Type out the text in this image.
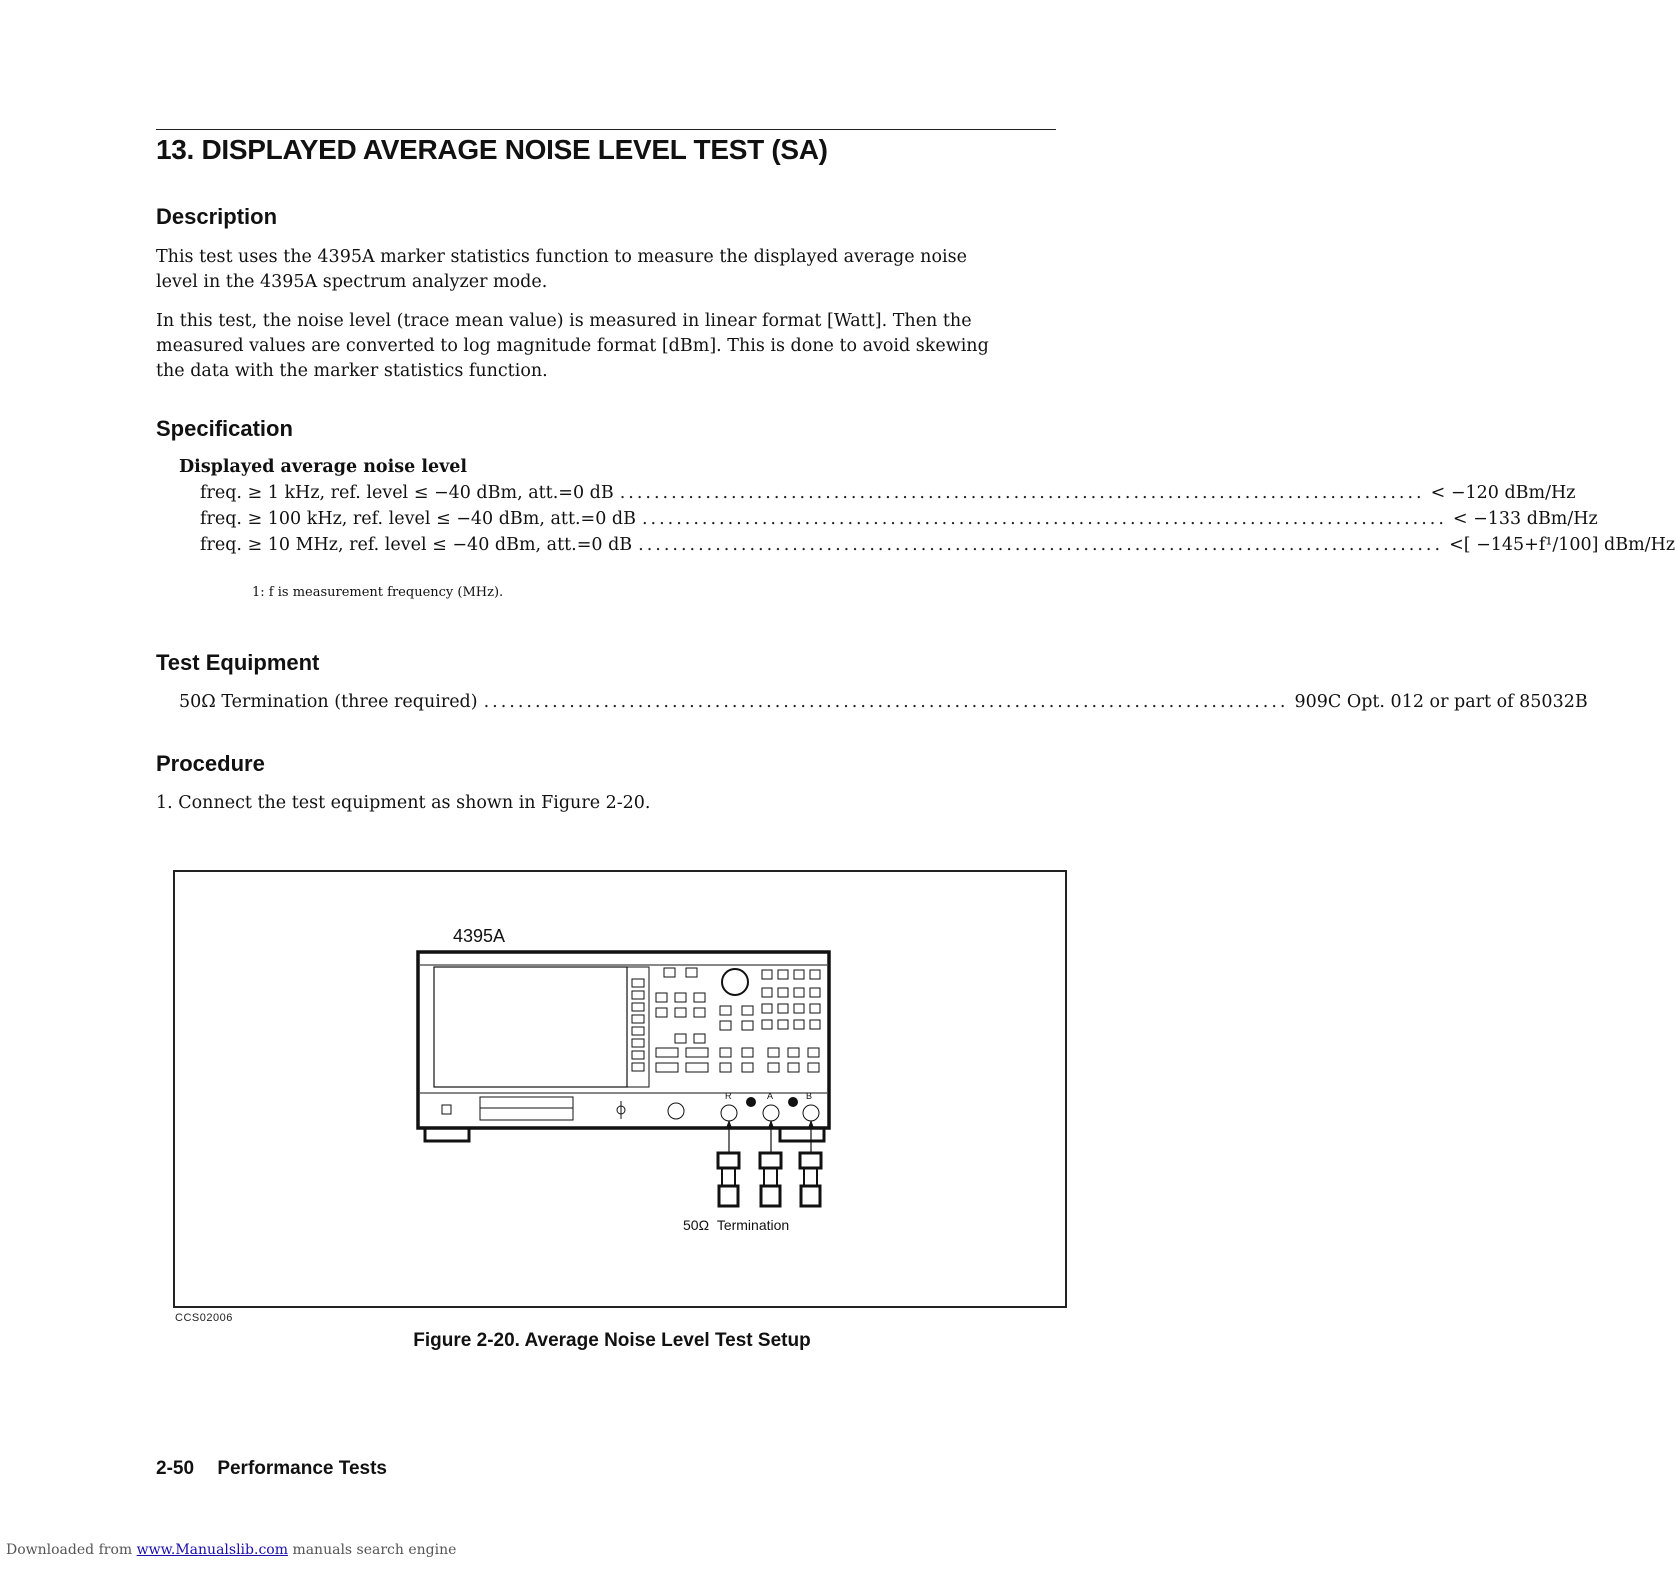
13. DISPLAYED AVERAGE NOISE LEVEL TEST (SA)
Description
This test uses the 4395A marker statistics function to measure the displayed average noise
level in the 4395A spectrum analyzer mode.
In this test, the noise level (trace mean value) is measured in linear format [Watt]. Then the
measured values are converted to log magnitude format [dBm]. This is done to avoid skewing
the data with the marker statistics function.
Specification
Displayed average noise level
freq. ≥ 1 kHz, ref. level ≤ −40 dBm, att.=0 dB .............................................................................................. < −120 dBm/Hz
freq. ≥ 100 kHz, ref. level ≤ −40 dBm, att.=0 dB .............................................................................................. < −133 dBm/Hz
freq. ≥ 10 MHz, ref. level ≤ −40 dBm, att.=0 dB .............................................................................................. <[ −145+f¹/100] dBm/Hz
1: f is measurement frequency (MHz).
Test Equipment
50Ω Termination (three required) .............................................................................................. 909C Opt. 012 or part of 85032B
Procedure
1. Connect the test equipment as shown in Figure 2-20.
4395A
R	A	B
50Ω  Termination
CCS02006
Figure 2-20. Average Noise Level Test Setup
2-50 Performance Tests
Downloaded from www.Manualslib.com manuals search engine
